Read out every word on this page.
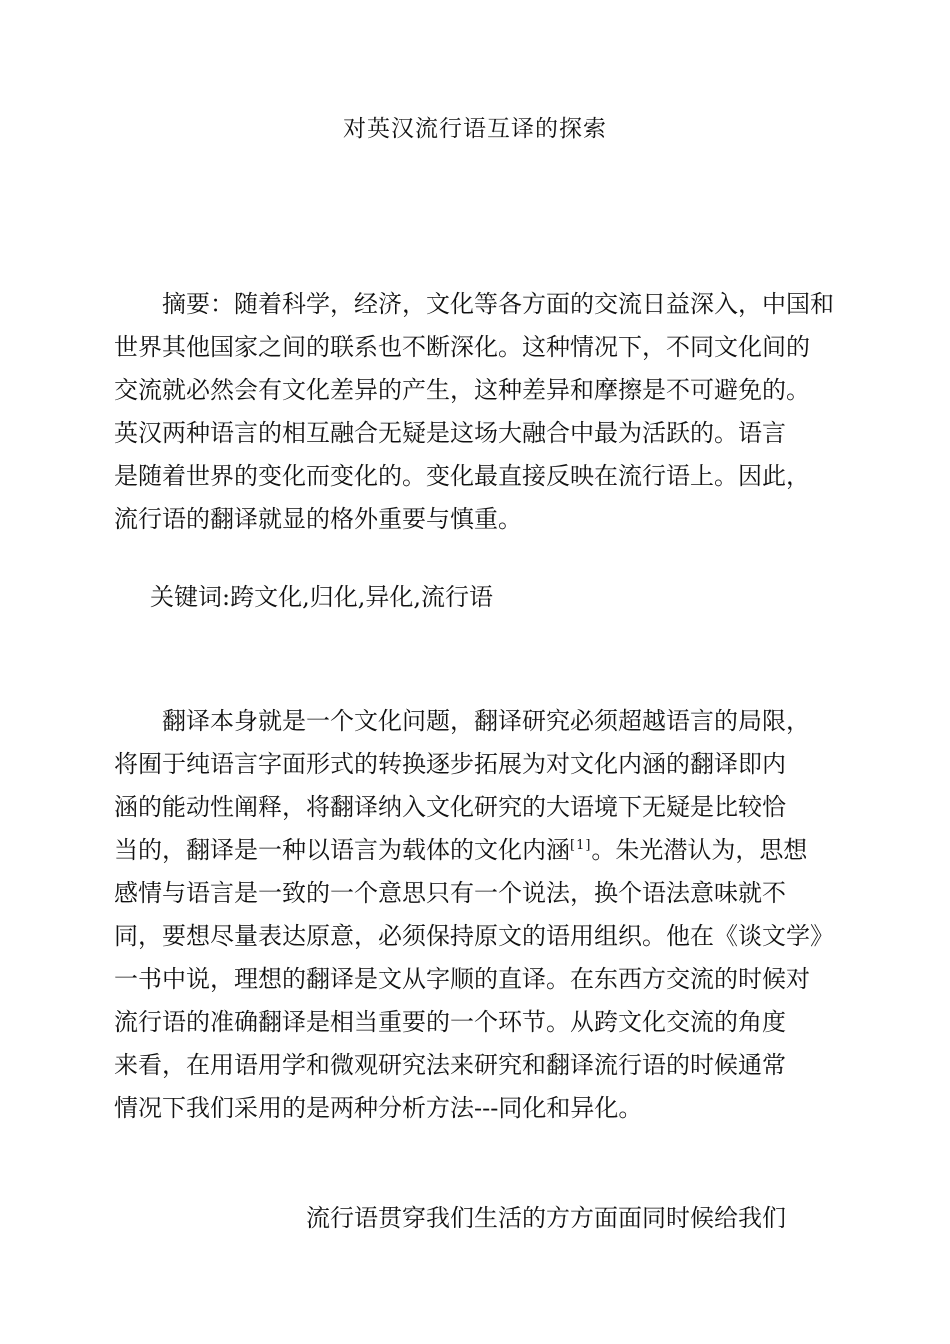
对英汉流行语互译的探索
摘要：随着科学，经济，文化等各方面的交流日益深入，中国和
世界其他国家之间的联系也不断深化。这种情况下，不同文化间的
交流就必然会有文化差异的产生，这种差异和摩擦是不可避免的。
英汉两种语言的相互融合无疑是这场大融合中最为活跃的。语言
是随着世界的变化而变化的。变化最直接反映在流行语上。因此，
流行语的翻译就显的格外重要与慎重。
关键词:跨文化,归化,异化,流行语
翻译本身就是一个文化问题，翻译研究必须超越语言的局限，
将囿于纯语言字面形式的转换逐步拓展为对文化内涵的翻译即内
涵的能动性阐释，将翻译纳入文化研究的大语境下无疑是比较恰
当的，翻译是一种以语言为载体的文化内涵[1]。朱光潜认为，思想
感情与语言是一致的一个意思只有一个说法，换个语法意味就不
同，要想尽量表达原意，必须保持原文的语用组织。他在《谈文学》
一书中说，理想的翻译是文从字顺的直译。在东西方交流的时候对
流行语的准确翻译是相当重要的一个环节。从跨文化交流的角度
来看，在用语用学和微观研究法来研究和翻译流行语的时候通常
情况下我们采用的是两种分析方法---同化和异化。
流行语贯穿我们生活的方方面面同时候给我们
